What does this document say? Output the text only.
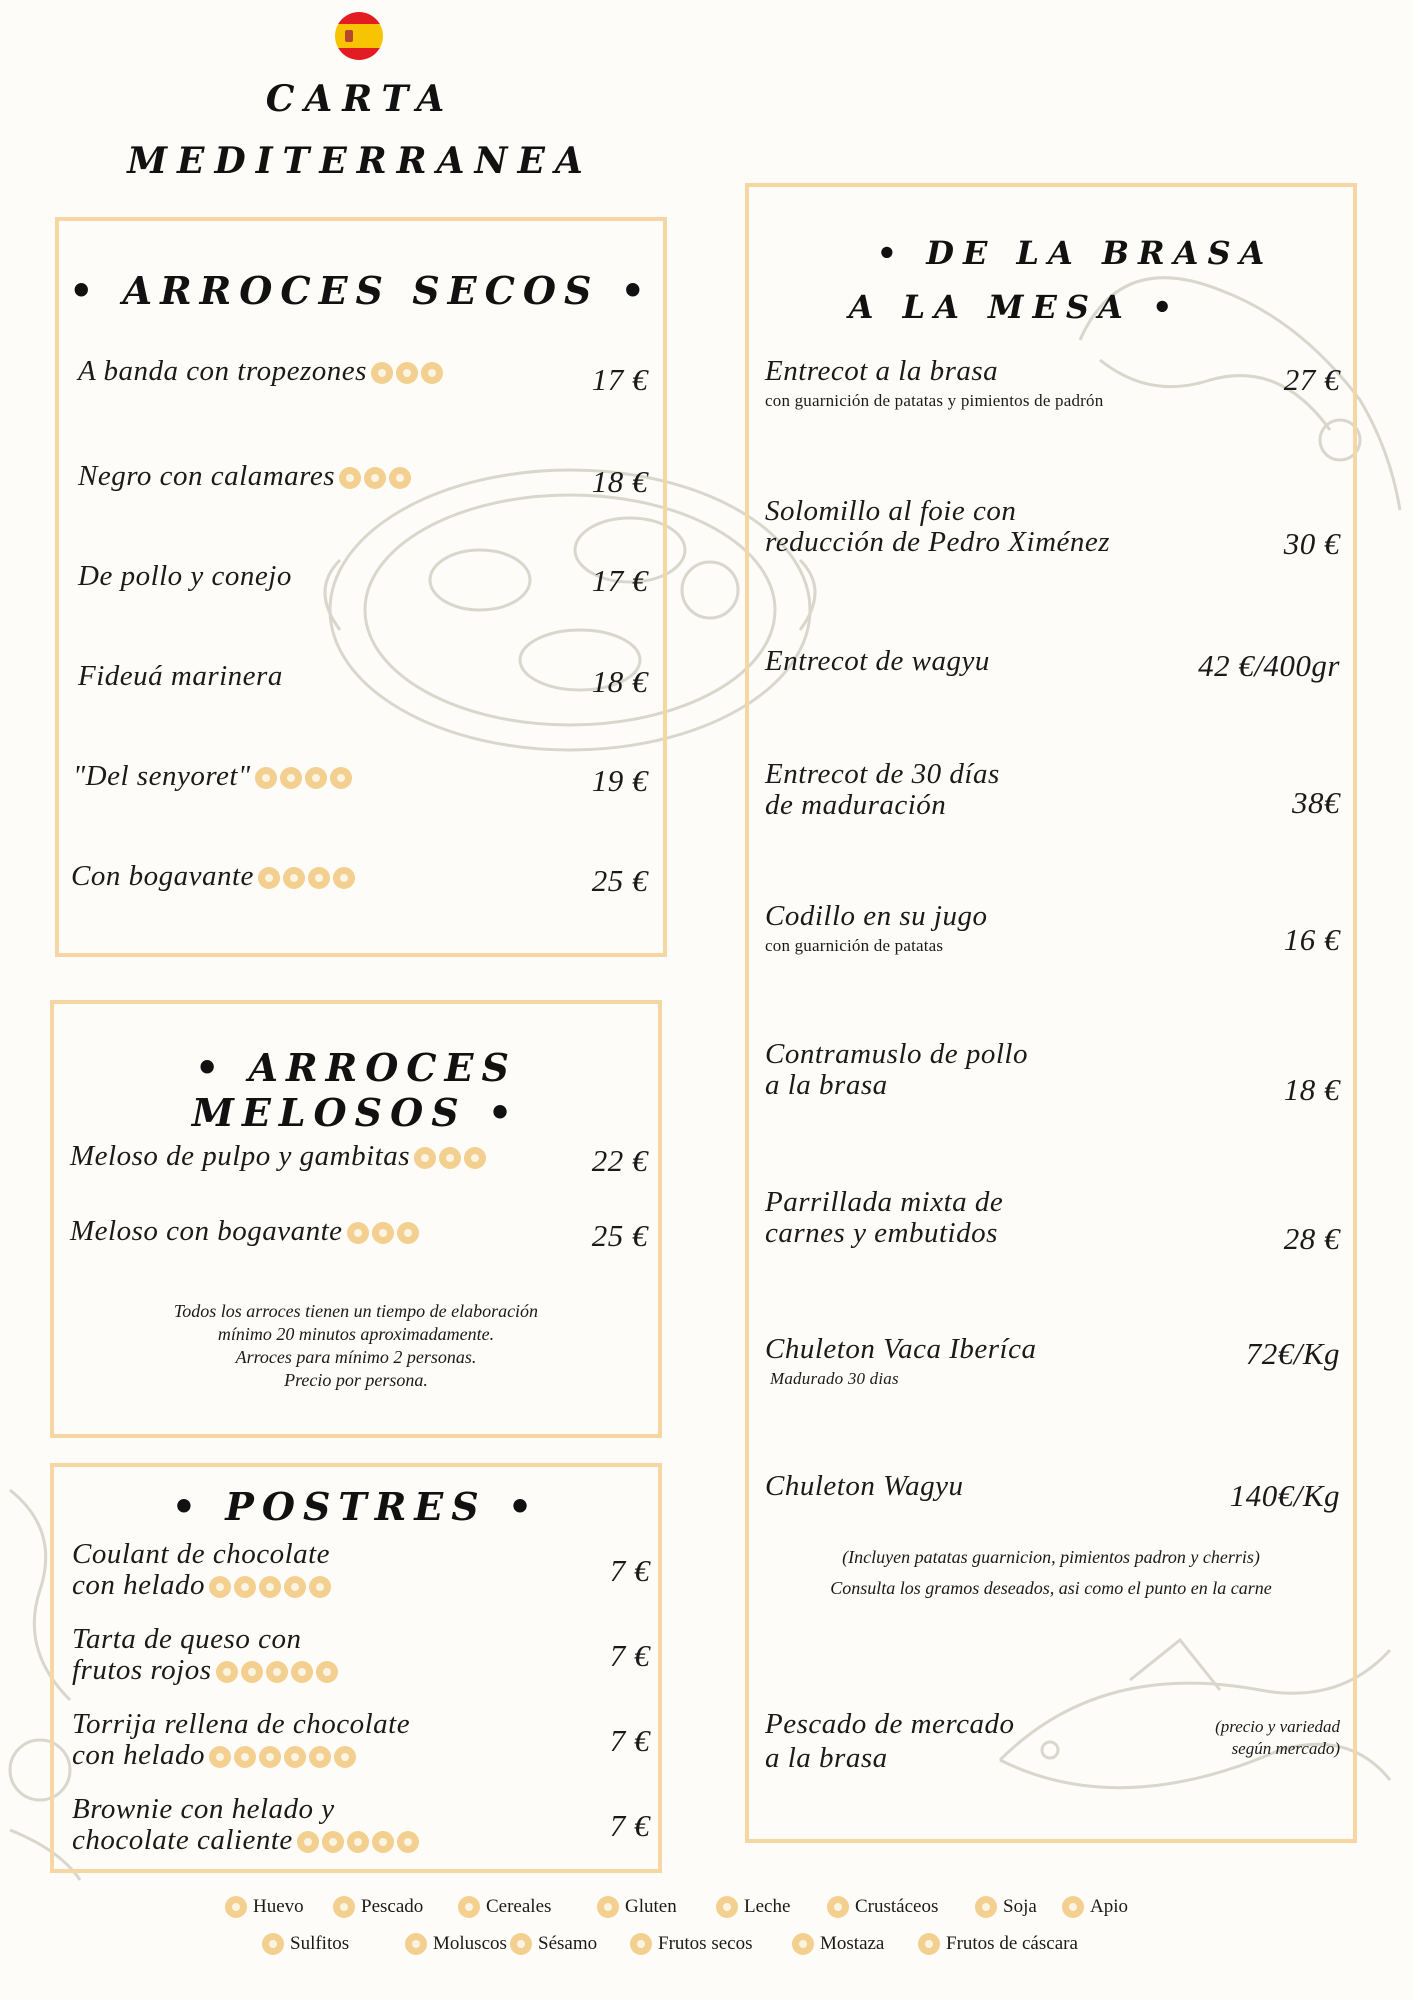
CARTA
MEDITERRANEA
• ARROCES SECOS •
A banda con tropezones	17 €
Negro con calamares	18 €
De pollo y conejo	17 €
Fideuá marinera	18 €
"Del senyoret"	19 €
Con bogavante	25 €
• ARROCES MELOSOS •
Meloso de pulpo y gambitas	22 €
Meloso con bogavante	25 €
Todos los arroces tienen un tiempo de elaboración
mínimo 20 minutos aproximadamente.
Arroces para mínimo 2 personas.
Precio por persona.
• POSTRES •
Coulant de chocolate
con helado	7 €
Tarta de queso con
frutos rojos	7 €
Torrija rellena de chocolate
con helado	7 €
Brownie con helado y
chocolate caliente	7 €
• DE LA BRASA
A LA MESA •
Entrecot a la brasa
con guarnición de patatas y pimientos de padrón
27 €
Solomillo al foie con
reducción de Pedro Ximénez	30 €
Entrecot de wagyu	42 €/400gr
Entrecot de 30 días
de maduración	38€
Codillo en su jugo
con guarnición de patatas	16 €
Contramuslo de pollo
a la brasa	18 €
Parrillada mixta de
carnes y embutidos	28 €
Chuleton Vaca Iberíca
Madurado 30 dias
72€/Kg
Chuleton Wagyu	140€/Kg
(Incluyen patatas guarnicion, pimientos padron y cherris)
Consulta los gramos deseados, asi como el punto en la carne
Pescado de mercado
a la brasa
(precio y variedad
según mercado)
Huevo	Pescado	Cereales	Gluten	Leche	Crustáceos	Soja	Apio
Sulfitos	Moluscos Sésamo	Frutos secos	Mostaza	Frutos de cáscara
